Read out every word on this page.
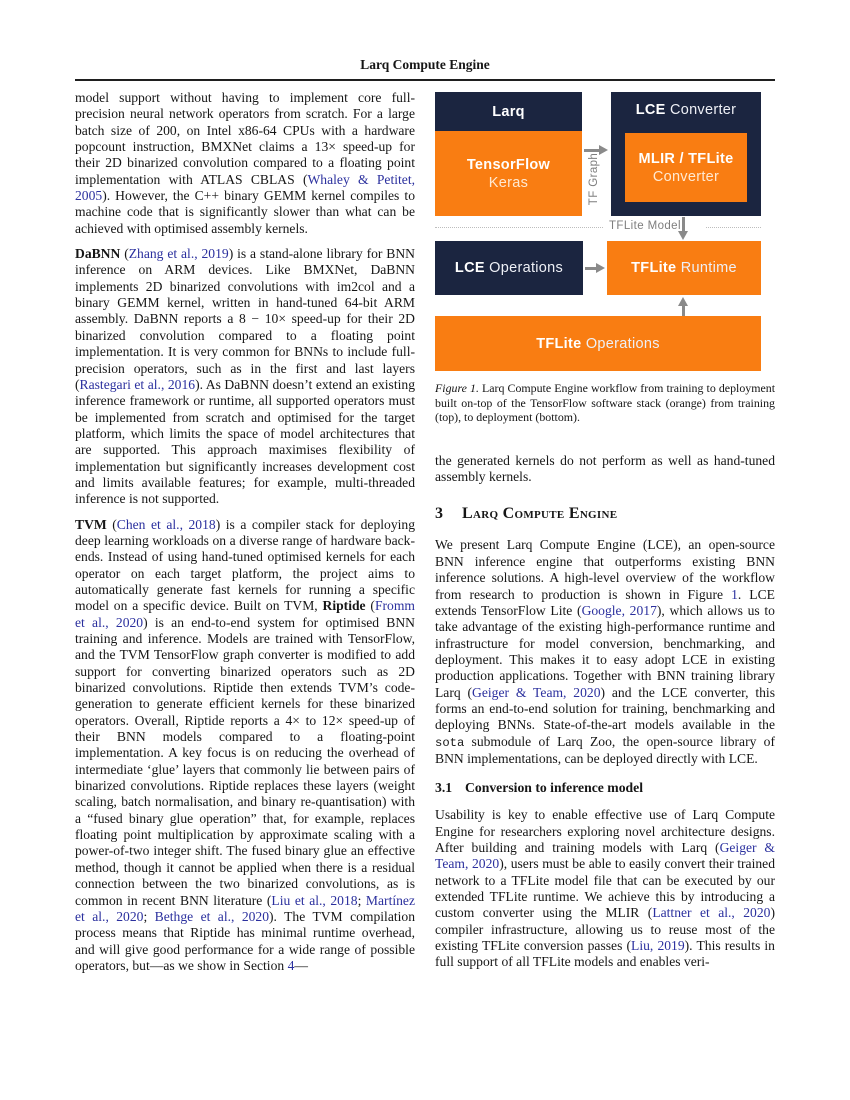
Larq Compute Engine

model support without having to implement core full-precision neural network operators from scratch. For a large batch size of 200, on Intel x86-64 CPUs with a hardware popcount instruction, BMXNet claims a 13× speed-up for their 2D binarized convolution compared to a floating point implementation with ATLAS CBLAS (Whaley & Petitet, 2005). However, the C++ binary GEMM kernel compiles to machine code that is significantly slower than what can be achieved with optimised assembly kernels.

DaBNN (Zhang et al., 2019) is a stand-alone library for BNN inference on ARM devices. Like BMXNet, DaBNN implements 2D binarized convolutions with im2col and a binary GEMM kernel, written in hand-tuned 64-bit ARM assembly. DaBNN reports a 8 − 10× speed-up for their 2D binarized convolution compared to a floating point implementation. It is very common for BNNs to include full-precision operators, such as in the first and last layers (Rastegari et al., 2016). As DaBNN doesn’t extend an existing inference framework or runtime, all supported operators must be implemented from scratch and optimised for the target platform, which limits the space of model architectures that are supported. This approach maximises flexibility of implementation but significantly increases development cost and limits available features; for example, multi-threaded inference is not supported.

TVM (Chen et al., 2018) is a compiler stack for deploying deep learning workloads on a diverse range of hardware back-ends. Instead of using hand-tuned optimised kernels for each operator on each target platform, the project aims to automatically generate fast kernels for running a specific model on a specific device. Built on TVM, Riptide (Fromm et al., 2020) is an end-to-end system for optimised BNN training and inference. Models are trained with TensorFlow, and the TVM TensorFlow graph converter is modified to add support for converting binarized operators such as 2D binarized convolutions. Riptide then extends TVM’s code-generation to generate efficient kernels for these binarized operators. Overall, Riptide reports a 4× to 12× speed-up of their BNN models compared to a floating-point implementation. A key focus is on reducing the overhead of intermediate ‘glue’ layers that commonly lie between pairs of binarized convolutions. Riptide replaces these layers (weight scaling, batch normalisation, and binary re-quantisation) with a “fused binary glue operation” that, for example, replaces floating point multiplication by approximate scaling with a power-of-two integer shift. The fused binary glue an effective method, though it cannot be applied when there is a residual connection between the two binarized convolutions, as is common in recent BNN literature (Liu et al., 2018; Martínez et al., 2020; Bethge et al., 2020). The TVM compilation process means that Riptide has minimal runtime overhead, and will give good performance for a wide range of possible operators, but—as we show in Section 4—

Larq
TensorFlow
Keras
LCE Converter
MLIR / TFLite
Converter
TF Graph
TFLite Model
LCE Operations	TFLite Runtime
TFLite Operations
Figure 1. Larq Compute Engine workflow from training to deployment built on-top of the TensorFlow software stack (orange) from training (top), to deployment (bottom).

the generated kernels do not perform as well as hand-tuned assembly kernels.

3 Larq Compute Engine

We present Larq Compute Engine (LCE), an open-source BNN inference engine that outperforms existing BNN inference solutions. A high-level overview of the workflow from research to production is shown in Figure 1. LCE extends TensorFlow Lite (Google, 2017), which allows us to take advantage of the existing high-performance runtime and infrastructure for model conversion, benchmarking, and deployment. This makes it to easy adopt LCE in existing production applications. Together with BNN training library Larq (Geiger & Team, 2020) and the LCE converter, this forms an end-to-end solution for training, benchmarking and deploying BNNs. State-of-the-art models available in the sota submodule of Larq Zoo, the open-source library of BNN implementations, can be deployed directly with LCE.

3.1 Conversion to inference model

Usability is key to enable effective use of Larq Compute Engine for researchers exploring novel architecture designs. After building and training models with Larq (Geiger & Team, 2020), users must be able to easily convert their trained network to a TFLite model file that can be executed by our extended TFLite runtime. We achieve this by introducing a custom converter using the MLIR (Lattner et al., 2020) compiler infrastructure, allowing us to reuse most of the existing TFLite conversion passes (Liu, 2019). This results in full support of all TFLite models and enables veri-
